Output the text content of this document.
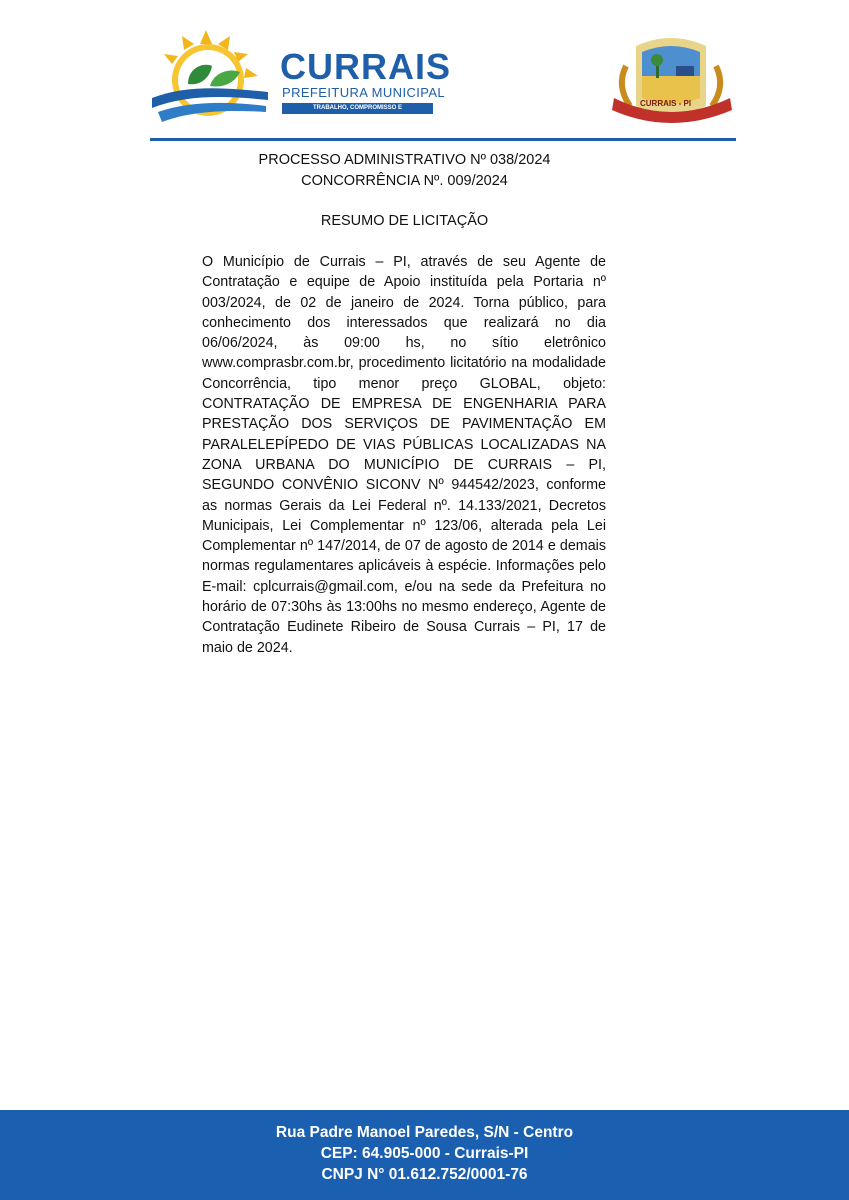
CURRAIS
PREFEITURA MUNICIPAL
TRABALHO, COMPROMISSO E RESPONSABILIDADE
CURRAIS - PI
PROCESSO ADMINISTRATIVO Nº 038/2024
CONCORRÊNCIA Nº. 009/2024
RESUMO DE LICITAÇÃO
O Município de Currais – PI, através de seu Agente de Contratação e equipe de Apoio instituída pela Portaria nº 003/2024, de 02 de janeiro de 2024. Torna público, para conhecimento dos interessados que realizará no dia 06/06/2024, às 09:00 hs, no sítio eletrônico www.comprasbr.com.br, procedimento licitatório na modalidade Concorrência, tipo menor preço GLOBAL, objeto: CONTRATAÇÃO DE EMPRESA DE ENGENHARIA PARA PRESTAÇÃO DOS SERVIÇOS DE PAVIMENTAÇÃO EM PARALELEPÍPEDO DE VIAS PÚBLICAS LOCALIZADAS NA ZONA URBANA DO MUNICÍPIO DE CURRAIS – PI, SEGUNDO CONVÊNIO SICONV Nº 944542/2023, conforme as normas Gerais da Lei Federal nº. 14.133/2021, Decretos Municipais, Lei Complementar nº 123/06, alterada pela Lei Complementar nº 147/2014, de 07 de agosto de 2014 e demais normas regulamentares aplicáveis à espécie. Informações pelo E-mail: cplcurrais@gmail.com, e/ou na sede da Prefeitura no horário de 07:30hs às 13:00hs no mesmo endereço, Agente de Contratação Eudinete Ribeiro de Sousa Currais – PI, 17 de maio de 2024.
Rua Padre Manoel Paredes, S/N - Centro
CEP: 64.905-000 - Currais-PI
CNPJ N° 01.612.752/0001-76
